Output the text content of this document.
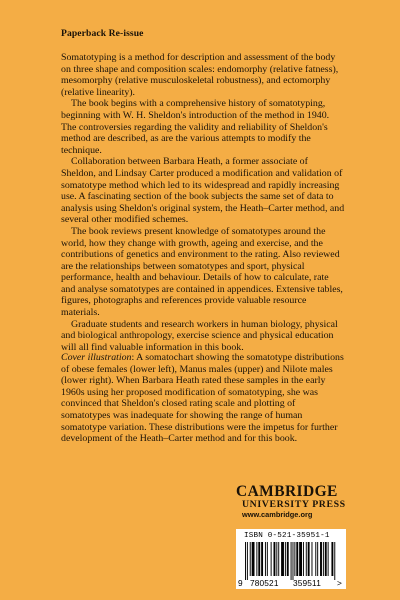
Paperback Re-issue

Somatotyping is a method for description and assessment of the body on three shape and composition scales: endomorphy (relative fatness), mesomorphy (relative musculoskeletal robustness), and ectomorphy (relative linearity).

The book begins with a comprehensive history of somatotyping, beginning with W. H. Sheldon's introduction of the method in 1940. The controversies regarding the validity and reliability of Sheldon's method are described, as are the various attempts to modify the technique.

Collaboration between Barbara Heath, a former associate of Sheldon, and Lindsay Carter produced a modification and validation of somatotype method which led to its widespread and rapidly increasing use. A fascinating section of the book subjects the same set of data to analysis using Sheldon's original system, the Heath–Carter method, and several other modified schemes.

The book reviews present knowledge of somatotypes around the world, how they change with growth, ageing and exercise, and the contributions of genetics and environment to the rating. Also reviewed are the relationships between somatotypes and sport, physical performance, health and behaviour. Details of how to calculate, rate and analyse somatotypes are contained in appendices. Extensive tables, figures, photographs and references provide valuable resource materials.

Graduate students and research workers in human biology, physical and biological anthropology, exercise science and physical education will all find valuable information in this book.

Cover illustration: A somatochart showing the somatotype distributions of obese females (lower left), Manus males (upper) and Nilote males (lower right). When Barbara Heath rated these samples in the early 1960s using her proposed modification of somatotyping, she was convinced that Sheldon's closed rating scale and plotting of somatotypes was inadequate for showing the range of human somatotype variation. These distributions were the impetus for further development of the Heath–Carter method and for this book.

CAMBRIDGE
UNIVERSITY PRESS
www.cambridge.org
ISBN 0-521-35951-1
9 780521 359511 >
